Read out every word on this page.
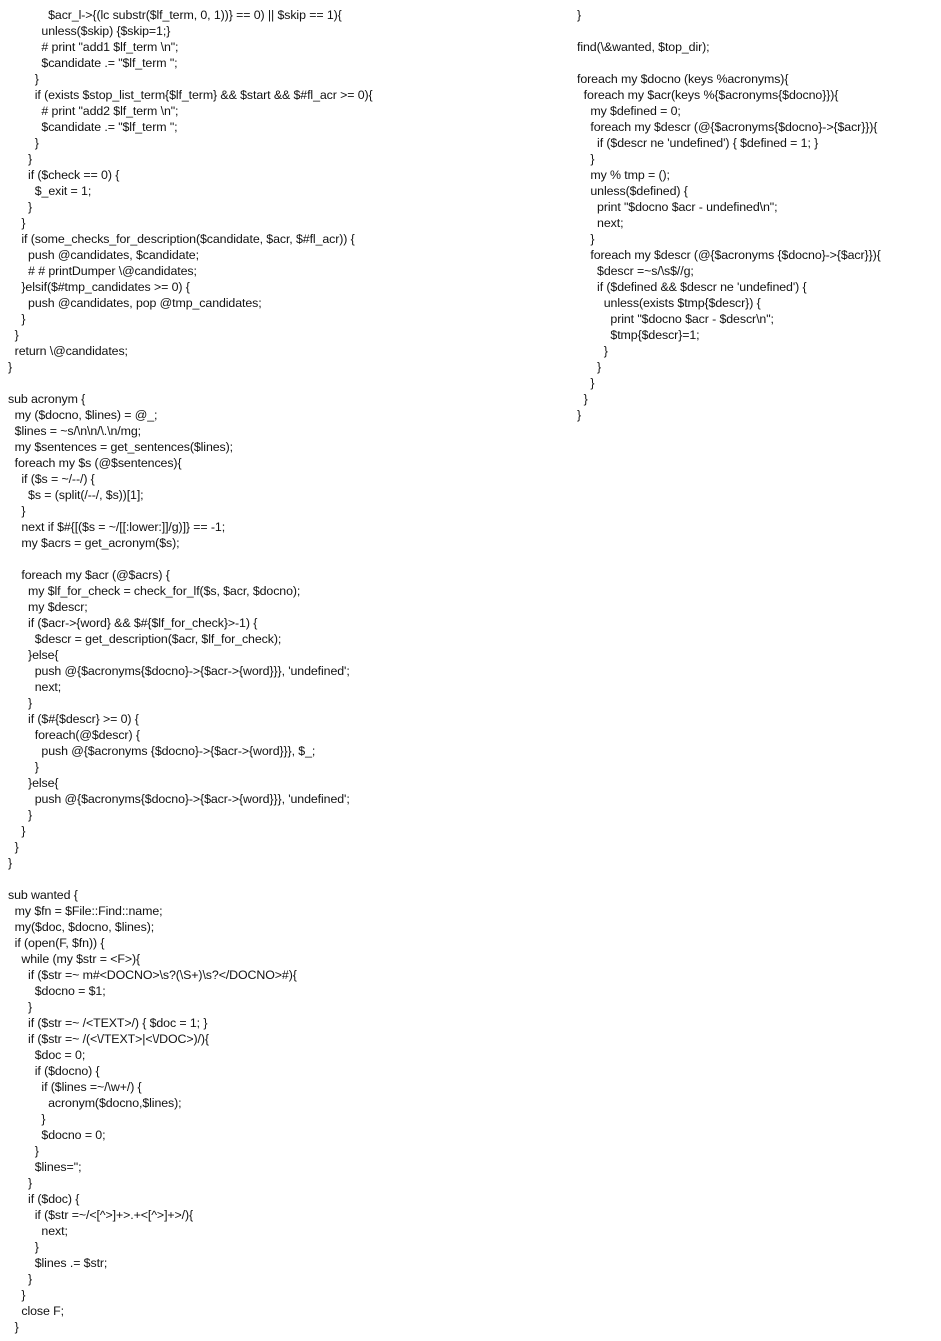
$acr_l->{(lc substr($lf_term, 0, 1))} == 0) || $skip == 1){
unless($skip) {$skip=1;}
# print "add1 $lf_term \n";
$candidate .= "$lf_term ";
}
if (exists $stop_list_term{$lf_term} && $start && $#fl_acr >= 0){
# print "add2 $lf_term \n";
$candidate .= "$lf_term ";
}
}
if ($check == 0) {
$_exit = 1;
}
}
if (some_checks_for_description($candidate, $acr, $#fl_acr)) {
push @candidates, $candidate;
# # printDumper \@candidates;
}elsif($#tmp_candidates >= 0) {
push @candidates, pop @tmp_candidates;
}
}
return \@candidates;
}
sub acronym {
my ($docno, $lines) = @_;
$lines = ~s/\n\n/\.\n/mg;
my $sentences = get_sentences($lines);
foreach my $s (@$sentences){
if ($s = ~/--/) {
$s = (split(/--/, $s))[1];
}
next if $#{[($s = ~/[[:lower:]]/g)]} == -1;
my $acrs = get_acronym($s);
foreach my $acr (@$acrs) {
my $lf_for_check = check_for_lf($s, $acr, $docno);
my $descr;
if ($acr->{word} && $#{$lf_for_check}>-1) {
$descr = get_description($acr, $lf_for_check);
}else{
push @{$acronyms{$docno}->{$acr->{word}}}, 'undefined';
next;
}
if ($#{$descr} >= 0) {
foreach(@$descr) {
push @{$acronyms {$docno}->{$acr->{word}}}, $_;
}
}else{
push @{$acronyms{$docno}->{$acr->{word}}}, 'undefined';
}
}
}
}
sub wanted {
my $fn = $File::Find::name;
my($doc, $docno, $lines);
if (open(F, $fn)) {
while (my $str = <F>){
if ($str =~ m#<DOCNO>\s?(\S+)\s?</DOCNO>#){
$docno = $1;
}
if ($str =~ /<TEXT>/) { $doc = 1; }
if ($str =~ /(<\/TEXT>|<\/DOC>)/){
$doc = 0;
if ($docno) {
if ($lines =~/\w+/) {
acronym($docno,$lines);
}
$docno = 0;
}
$lines='';
}
if ($doc) {
if ($str =~/<[^>]+>.+<[^>]+>/){
next;
}
$lines .= $str;
}
}
close F;
}
}
find(\&wanted, $top_dir);
foreach my $docno (keys %acronyms){
foreach my $acr(keys %{$acronyms{$docno}}){
my $defined = 0;
foreach my $descr (@{$acronyms{$docno}->{$acr}}){
if ($descr ne 'undefined') { $defined = 1; }
}
my % tmp = ();
unless($defined) {
print "$docno $acr - undefined\n";
next;
}
foreach my $descr (@{$acronyms {$docno}->{$acr}}){
$descr =~s/\s$//g;
if ($defined && $descr ne 'undefined') {
unless(exists $tmp{$descr}) {
print "$docno $acr - $descr\n";
$tmp{$descr}=1;
}
}
}
}
}
